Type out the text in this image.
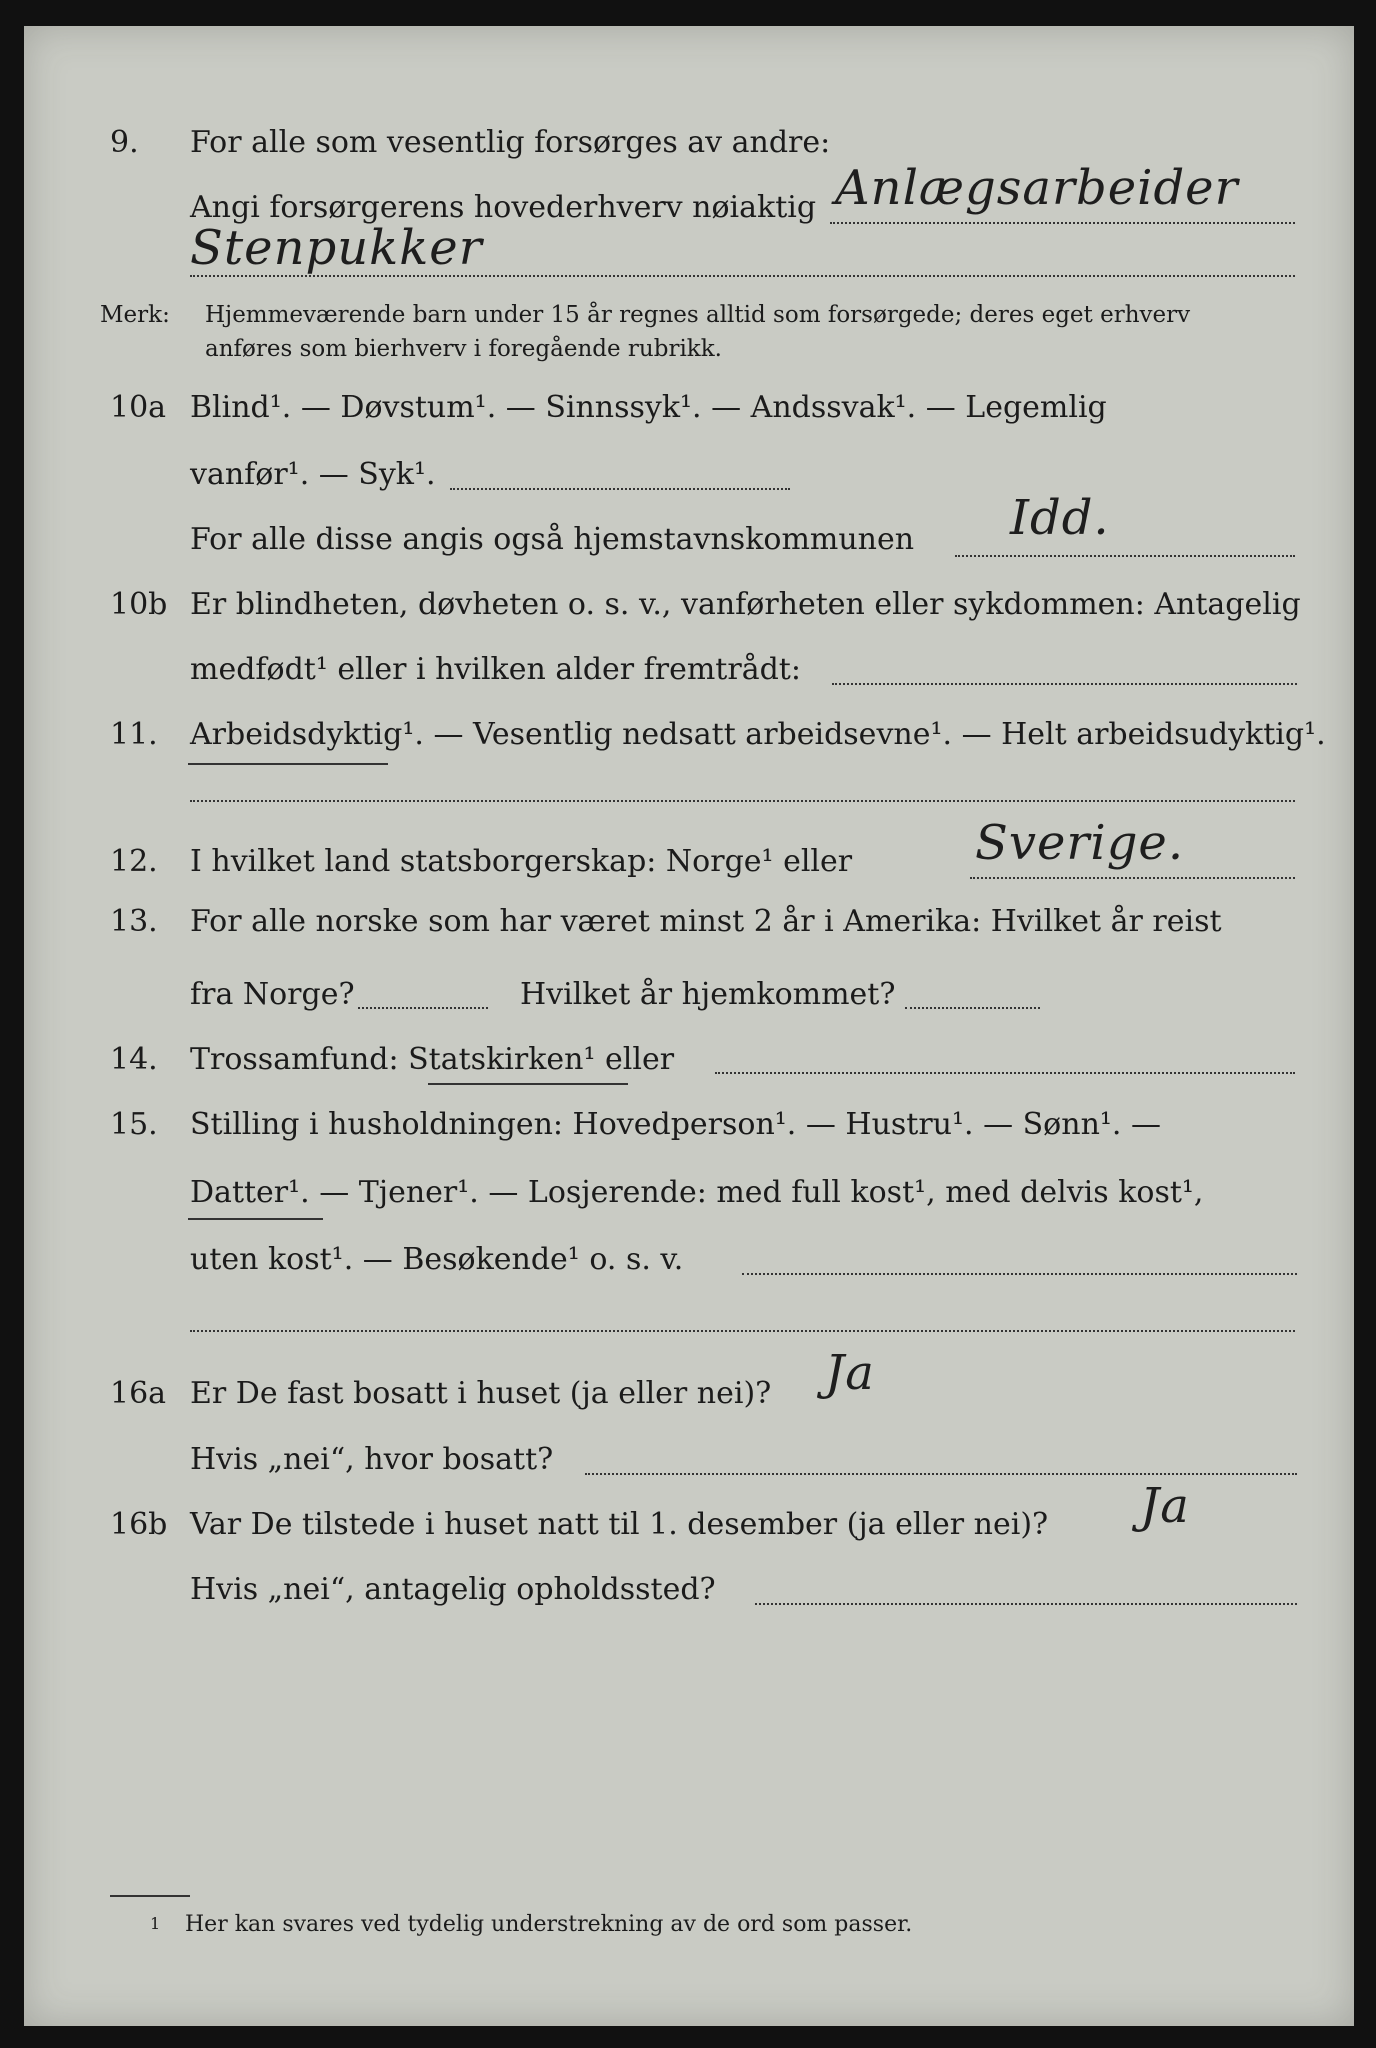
9. For alle som vesentlig forsørges av andre:
Angi forsørgerens hovederhverv nøiaktig Anlægsarbeider
Stenpukker
Merk: Hjemmeværende barn under 15 år regnes alltid som forsørgede; deres eget erhverv
anføres som bierhverv i foregående rubrikk.
10a Blind¹. — Døvstum¹. — Sinnssyk¹. — Andssvak¹. — Legemlig
vanfør¹. — Syk¹.
For alle disse angis også hjemstavnskommunen Idd.
10b Er blindheten, døvheten o. s. v., vanførheten eller sykdommen: Antagelig
medfødt¹ eller i hvilken alder fremtrådt:
11. Arbeidsdyktig¹. — Vesentlig nedsatt arbeidsevne¹. — Helt arbeidsudyktig¹.
12. I hvilket land statsborgerskap: Norge¹ eller	Sverige.
13. For alle norske som har været minst 2 år i Amerika: Hvilket år reist
fra Norge?	Hvilket år hjemkommet?
14. Trossamfund: Statskirken¹ eller
15. Stilling i husholdningen: Hovedperson¹. — Hustru¹. — Sønn¹. —
Datter¹. — Tjener¹. — Losjerende: med full kost¹, med delvis kost¹,
uten kost¹. — Besøkende¹ o. s. v.
16a Er De fast bosatt i huset (ja eller nei)? Ja
Hvis „nei“, hvor bosatt?
16b Var De tilstede i huset natt til 1. desember (ja eller nei)? Ja
Hvis „nei“, antagelig opholdssted?
1 Her kan svares ved tydelig understrekning av de ord som passer.
